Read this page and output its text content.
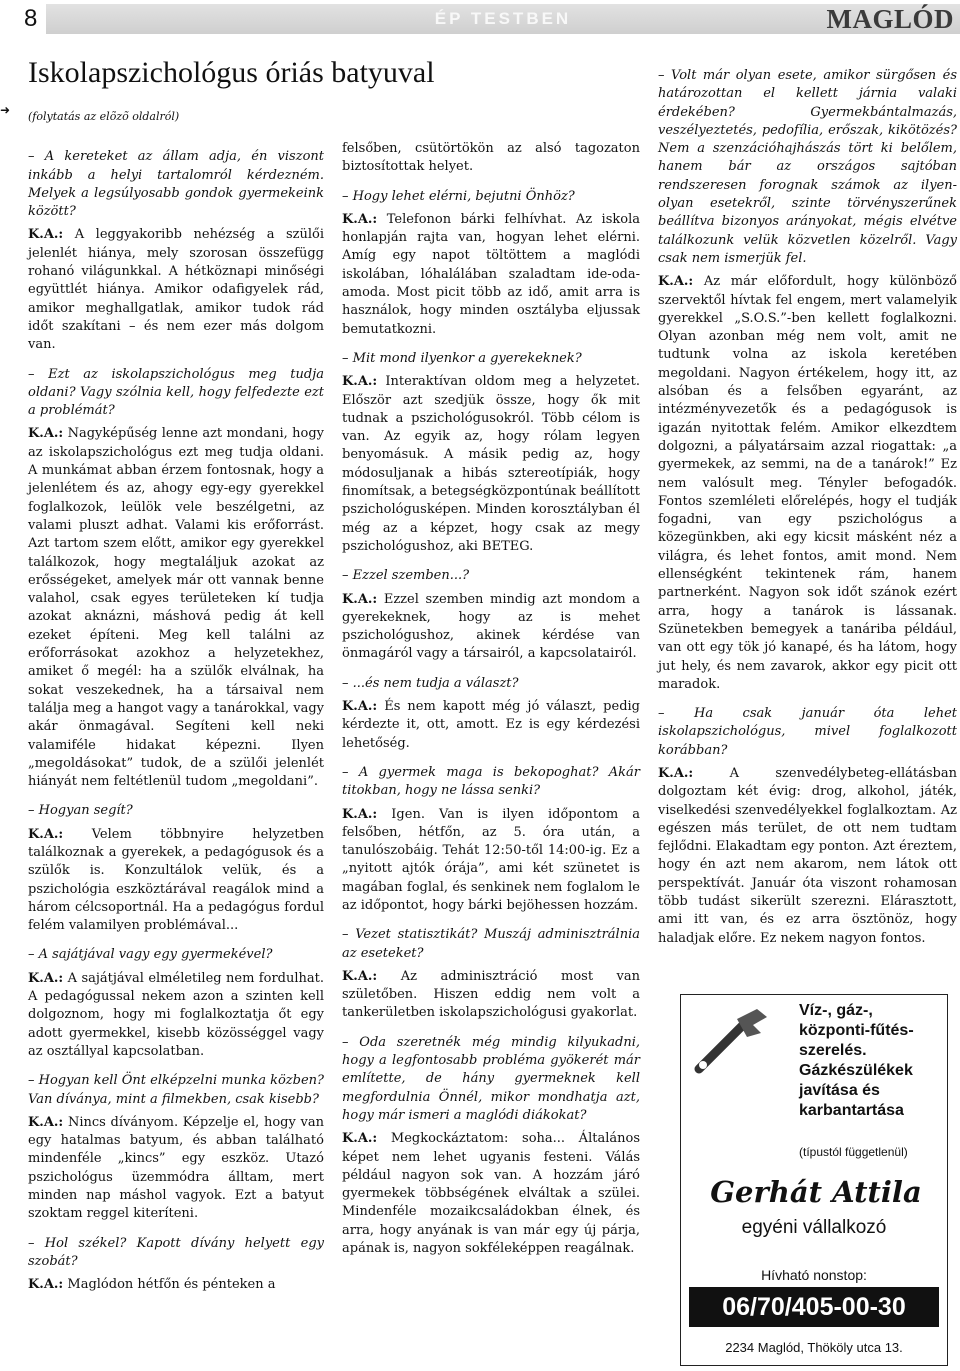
8	ÉP TESTBEN	MAGLÓD
Iskolapszichológus óriás batyuval
➜ (folytatás az elõzõ oldalról)

– A kereteket az állam adja, én viszont inkább a helyi tartalomról kérdezném. Melyek a legsúlyosabb gondok gyermekeink között?

K.A.: A leggyakoribb nehézség a szülői jelenlét hiánya, mely szorosan összefügg rohanó világunkkal. A hétköznapi minőségi együttlét hiánya. Amikor odafigyelek rád, amikor meghallgatlak, amikor tudok rád időt szakítani – és nem ezer más dolgom van.

– Ezt az iskolapszichológus meg tudja oldani? Vagy szólnia kell, hogy felfedezte ezt a problémát?

K.A.: Nagyképűség lenne azt mondani, hogy az iskolapszichológus ezt meg tudja oldani. A munkámat abban érzem fontosnak, hogy a jelenlétem és az, ahogy egy-egy gyerekkel foglalkozok, leülök vele beszélgetni, az valami pluszt adhat. Valami kis erőforrást. Azt tartom szem előtt, amikor egy gyerekkel találkozok, hogy megtaláljuk azokat az erősségeket, amelyek már ott vannak benne valahol, csak egyes területeken kí tudja azokat aknázni, máshová pedig át kell ezeket építeni. Meg kell találni az erőforrásokat azokhoz a helyzetekhez, amiket ő megél: ha a szülők elválnak, ha sokat veszekednek, ha a társaival nem találja meg a hangot vagy a tanárokkal, vagy akár önmagával. Segíteni kell neki valamiféle hidakat képezni. Ilyen „megoldásokat” tudok, de a szülői jelenlét hiányát nem feltétlenül tudom „megoldani”.

– Hogyan segít?

K.A.: Velem többnyire helyzetben találkoznak a gyerekek, a pedagógusok és a szülők is. Konzultálok velük, és a pszichológia eszköztárával reagálok mind a három célcsoportnál. Ha a pedagógus fordul felém valamilyen problémával...

– A sajátjával vagy egy gyermekével?

K.A.: A sajátjával elméletileg nem fordulhat. A pedagógussal nekem azon a szinten kell dolgoznom, hogy mi foglalkoztatja őt egy adott gyermekkel, kisebb közösséggel vagy az osztállyal kapcsolatban.

– Hogyan kell Önt elképzelni munka közben? Van díványa, mint a filmekben, csak kisebb?

K.A.: Nincs díványom. Képzelje el, hogy van egy hatalmas batyum, és abban található mindenféle „kincs” egy eszköz. Utazó pszichológus üzemmódra álltam, mert minden nap máshol vagyok. Ezt a batyut szoktam reggel kiteríteni.

– Hol székel? Kapott dívány helyett egy szobát?

K.A.: Maglódon hétfőn és pénteken a

felsőben, csütörtökön az alsó tagozaton biztosítottak helyet.

– Hogy lehet elérni, bejutni Önhöz?

K.A.: Telefonon bárki felhívhat. Az iskola honlapján rajta van, hogyan lehet elérni. Amíg egy napot töltöttem a maglódi iskolában, lóhalálában szaladtam ide-oda-amoda. Most picit több az idő, amit arra is használok, hogy minden osztályba eljussak bemutatkozni.

– Mit mond ilyenkor a gyerekeknek?

K.A.: Interaktívan oldom meg a helyzetet. Először azt szedjük össze, hogy ők mit tudnak a pszichológusokról. Több célom is van. Az egyik az, hogy rólam legyen benyomásuk. A másik pedig az, hogy módosuljanak a hibás sztereotípiák, hogy finomítsak, a betegségközpontúnak beállított pszichológusképen. Minden korosztályban él még az a képzet, hogy csak az megy pszichológushoz, aki BETEG.

– Ezzel szemben...?

K.A.: Ezzel szemben mindig azt mondom a gyerekeknek, hogy az is mehet pszichológushoz, akinek kérdése van önmagáról vagy a társairól, a kapcsolatairól.

– ...és nem tudja a választ?

K.A.: És nem kapott még jó választ, pedig kérdezte it, ott, amott. Ez is egy kérdezési lehetőség.

– A gyermek maga is bekopoghat? Akár titokban, hogy ne lássa senki?

K.A.: Igen. Van is ilyen időpontom a felsőben, hétfőn, az 5. óra után, a tanulószobáig. Tehát 12:50-től 14:00-ig. Ez a „nyitott ajtók órája”, ami két szünetet is magában foglal, és senkinek nem foglalom le az időpontot, hogy bárki bejöhessen hozzám.

– Vezet statisztikát? Muszáj adminisztrálnia az eseteket?

K.A.: Az adminisztráció most van születőben. Hiszen eddig nem volt a tankerületben iskolapszichológusi gyakorlat.

– Oda szeretnék még mindig kilyukadni, hogy a legfontosabb probléma gyökerét már említette, de hány gyermeknek kell megfordulnia Önnél, mikor mondhatja azt, hogy már ismeri a maglódi diákokat?

K.A.: Megkockáztatom: soha... Általános képet nem lehet ugyanis festeni. Válás például nagyon sok van. A hozzám járó gyermekek többségének elváltak a szülei. Mindenféle mozaikcsaládokban élnek, és arra, hogy anyának is van már egy új párja, apának is, nagyon sokféleképpen reagálnak.

– Volt már olyan esete, amikor sürgősen és határozottan el kellett járnia valaki érdekében? Gyermekbántalmazás, veszélyeztetés, pedofília, erőszak, kikötözés? Nem a szenzációhajhászás tört ki belőlem, hanem bár az országos sajtóban rendszeresen forognak számok az ilyen-olyan esetekről, szinte törvényszerűnek beállítva bizonyos arányokat, mégis elvétve találkozunk velük közvetlen közelről. Vagy csak nem ismerjük fel.

K.A.: Az már előfordult, hogy különböző szervektől hívtak fel engem, mert valamelyik gyerekkel „S.O.S.”-ben kellett foglalkozni. Olyan azonban még nem volt, amit ne tudtunk volna az iskola keretében megoldani. Nagyon értékelem, hogy itt, az alsóban és a felsőben egyaránt, az intézményvezetők és a pedagógusok is igazán nyitottak felém. Amikor elkezdtem dolgozni, a pályatársaim azzal riogattak: „a gyermekek, az semmi, na de a tanárok!” Ez nem valósult meg. Ténylег befogadók. Fontos szemléleti előrelépés, hogy el tudják fogadni, van egy pszichológus a közegünkben, aki egy kicsit másként néz a világra, és lehet fontos, amit mond. Nem ellenségként tekintenek rám, hanem partnerként. Nagyon sok időt szánok ezért arra, hogy a tanárok is lássanak. Szünetekben bemegyek a tanáriba például, van ott egy tök jó kanapé, és ha látom, hogy jut hely, és nem zavarok, akkor egy picit ott maradok.

– Ha csak január óta lehet iskolapszichológus, mivel foglalkozott korábban?

K.A.: A szenvedélybeteg-ellátásban dolgoztam két évig: drog, alkohol, játék, viselkedési szenvedélyekkel foglalkoztam. Az egészen más terület, de ott nem tudtam fejlődni. Elakadtam egy ponton. Azt éreztem, hogy én azt nem akarom, nem látok ott perspektívát. Január óta viszont rohamosan több tudást sikerült szerezni. Elárasztott, ami itt van, és ez arra ösztönöz, hogy haladjak előre. Ez nekem nagyon fontos.

Víz-, gáz-,
központi-fűtés-
szerelés.
Gázkészülékek
javítása és
karbantartása
(típustól függetlenül)
Gerhát Attila
egyéni vállalkozó
Hívható nonstop:
06/70/405-00-30
2234 Maglód, Thököly utca 13.
